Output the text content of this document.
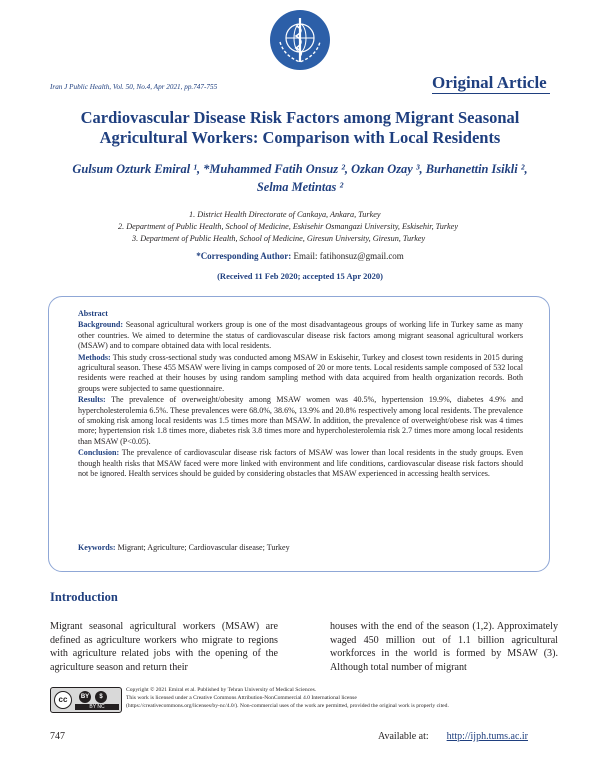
Iran J Public Health, Vol. 50, No.4, Apr 2021, pp.747-755	Original Article
Cardiovascular Disease Risk Factors among Migrant Seasonal
Agricultural Workers: Comparison with Local Residents
Gulsum Ozturk Emiral ¹, *Muhammed Fatih Onsuz ², Ozkan Ozay ³, Burhanettin Isikli ²,
Selma Metintas ²
1. District Health Directorate of Cankaya, Ankara, Turkey
2. Department of Public Health, School of Medicine, Eskisehir Osmangazi University, Eskisehir, Turkey
3. Department of Public Health, School of Medicine, Giresun University, Giresun, Turkey
*Corresponding Author: Email: fatihonsuz@gmail.com
(Received 11 Feb 2020; accepted 15 Apr 2020)

Abstract

Background: Seasonal agricultural workers group is one of the most disadvantageous groups of working life in Turkey same as many other countries. We aimed to determine the status of cardiovascular disease risk factors among migrant seasonal agricultural workers (MSAW) and to compare obtained data with local residents.

Methods: This study cross-sectional study was conducted among MSAW in Eskisehir, Turkey and closest town residents in 2015 during agricultural season. These 455 MSAW were living in camps composed of 20 or more tents. Local residents sample composed of 532 local residents were reached at their houses by using random sampling method with data acquired from health organization records. Both groups were subjected to same questionnaire.

Results: The prevalence of overweight/obesity among MSAW women was 40.5%, hypertension 19.9%, diabetes 4.9% and hypercholesterolemia 6.5%. These prevalences were 68.0%, 38.6%, 13.9% and 20.8% respectively among local residents. The prevalence of smoking risk among local residents was 1.5 times more than MSAW. In addition, the prevalence of overweight/obese risk was 4 times more; hypertension risk 1.8 times more, diabetes risk 3.8 times more and hypercholesterolemia risk 2.7 times more among local residents than MSAW (P<0.05).

Conclusion: The prevalence of cardiovascular disease risk factors of MSAW was lower than local residents in the study groups. Even though health risks that MSAW faced were more linked with environment and life conditions, cardiovascular disease risk factors should not be ignored. Health services should be guided by considering obstacles that MSAW experienced in accessing health services.

Keywords: Migrant; Agriculture; Cardiovascular disease; Turkey
Introduction
Migrant seasonal agricultural workers (MSAW) are defined as agriculture workers who migrate to regions with agriculture related jobs with the opening of the agriculture season and return their
houses with the end of the season (1,2). Approximately waged 450 million out of 1.1 billion agricultural workforces in the world is formed by MSAW (3). Although total number of migrant
cc	BY	$
BY NC
Copyright © 2021 Emiral et al. Published by Tehran University of Medical Sciences.
This work is licensed under a Creative Commons Attribution-NonCommercial 4.0 International license
(https://creativecommons.org/licenses/by-nc/4.0/). Non-commercial uses of the work are permitted, provided the original work is properly cited.
747	Available at: http://ijph.tums.ac.ir
